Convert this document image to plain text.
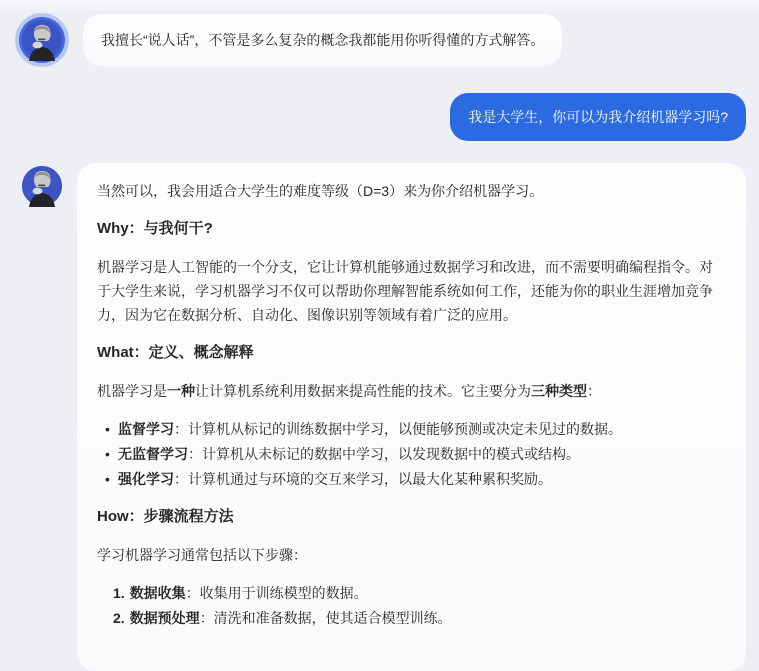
我擅长“说人话”，不管是多么复杂的概念我都能用你听得懂的方式解答。
我是大学生，你可以为我介绍机器学习吗?

当然可以，我会用适合大学生的难度等级（D=3）来为你介绍机器学习。

Why：与我何干?

机器学习是人工智能的一个分支，它让计算机能够通过数据学习和改进，而不需要明确编程指令。对于大学生来说，学习机器学习不仅可以帮助你理解智能系统如何工作，还能为你的职业生涯增加竞争力，因为它在数据分析、自动化、图像识别等领域有着广泛的应用。

What：定义、概念解释

机器学习是一种让计算机系统利用数据来提高性能的技术。它主要分为三种类型：

• 监督学习：计算机从标记的训练数据中学习，以便能够预测或决定未见过的数据。
• 无监督学习：计算机从未标记的数据中学习，以发现数据中的模式或结构。
• 强化学习：计算机通过与环境的交互来学习，以最大化某种累积奖励。
How：步骤流程方法

学习机器学习通常包括以下步骤：

1. 数据收集：收集用于训练模型的数据。
2. 数据预处理：清洗和准备数据，使其适合模型训练。
